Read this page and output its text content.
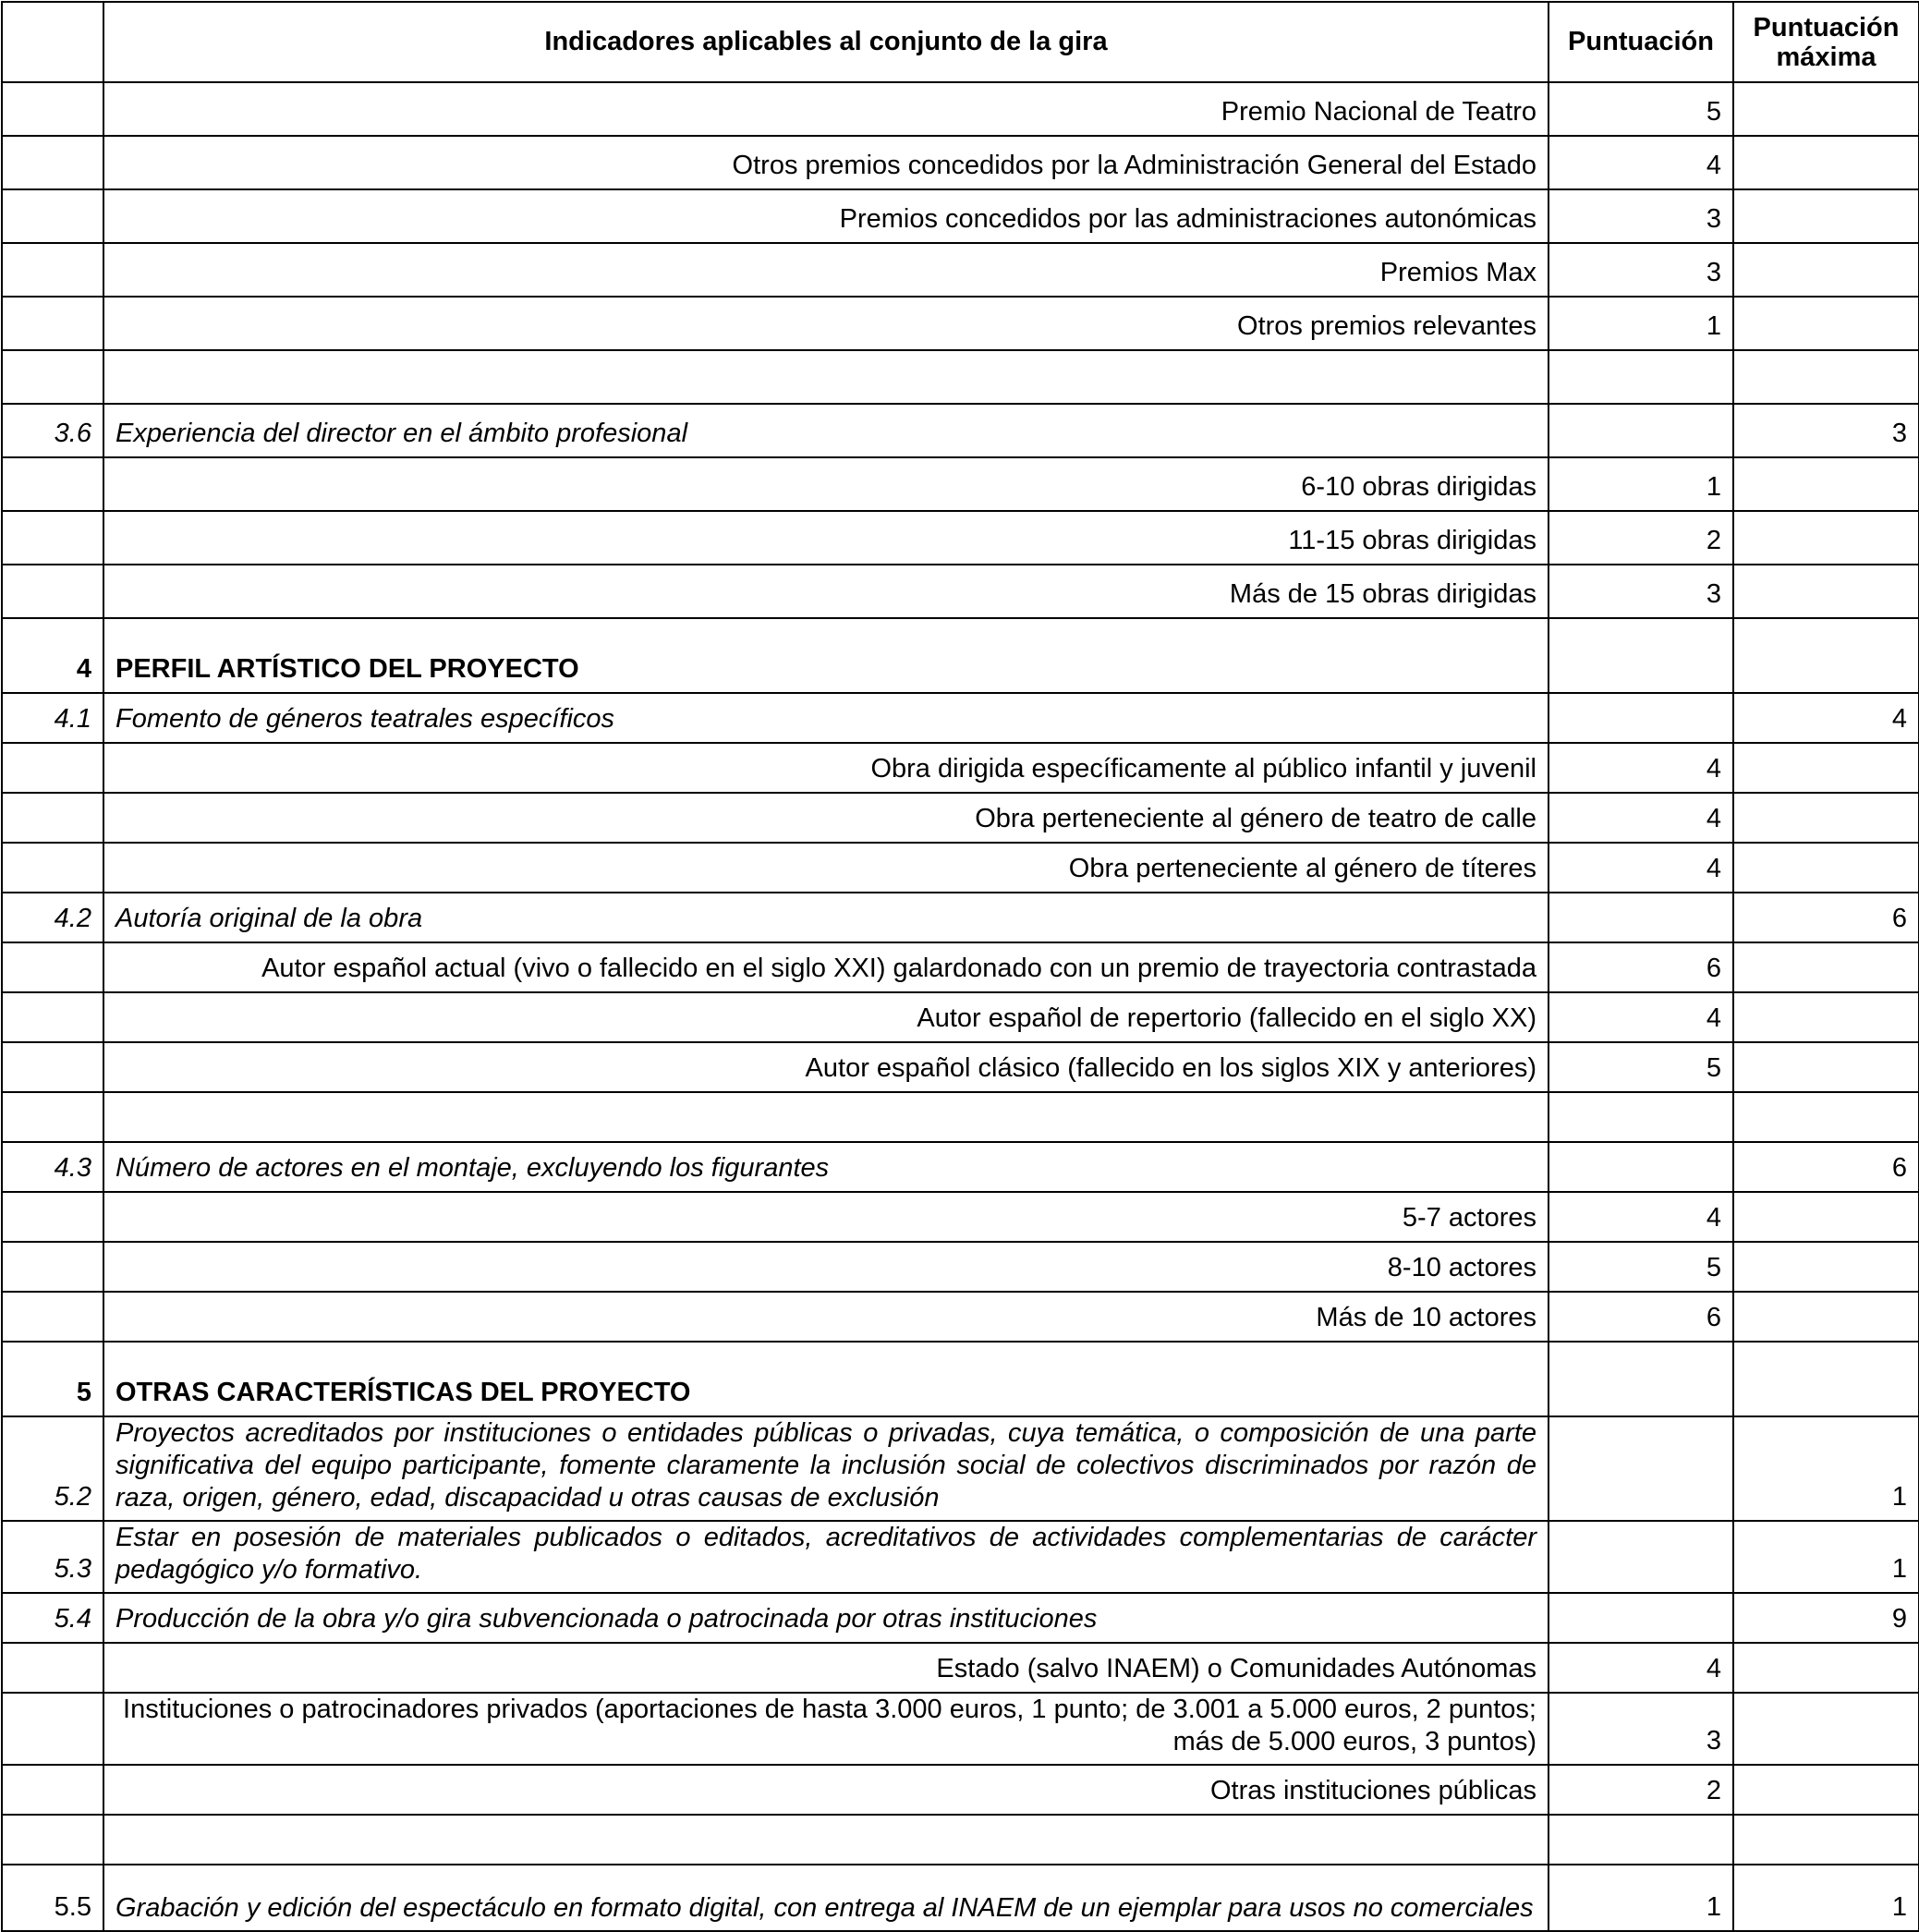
	Indicadores aplicables al conjunto de la gira	Puntuación	Puntuación
máxima
	Premio Nacional de Teatro	5	
	Otros premios concedidos por la Administración General del Estado	4	
	Premios concedidos por las administraciones autonómicas	3	
	Premios Max	3	
	Otros premios relevantes	1	

3.6	Experiencia del director en el ámbito profesional		3
	6-10 obras dirigidas	1	
	11-15 obras dirigidas	2	
	Más de 15 obras dirigidas	3	
4	PERFIL ARTÍSTICO DEL PROYECTO		
4.1	Fomento de géneros teatrales específicos		4
	Obra dirigida específicamente al público infantil y juvenil	4	
	Obra perteneciente al género de teatro de calle	4	
	Obra perteneciente al género de títeres	4	
4.2	Autoría original de la obra		6
	Autor español actual (vivo o fallecido en el siglo XXI) galardonado con un premio de trayectoria contrastada	6	
	Autor español de repertorio (fallecido en el siglo XX)	4	
	Autor español clásico (fallecido en los siglos XIX y anteriores)	5	

4.3	Número de actores en el montaje, excluyendo los figurantes		6
	5-7 actores	4	
	8-10 actores	5	
	Más de 10 actores	6	
5	OTRAS CARACTERÍSTICAS DEL PROYECTO		
5.2	Proyectos acreditados por instituciones o entidades públicas o privadas, cuya temática, o composición de una parte significativa del equipo participante, fomente claramente la inclusión social de colectivos discriminados por razón de raza, origen, género, edad, discapacidad u otras causas de exclusión		1
5.3	Estar en posesión de materiales publicados o editados, acreditativos de actividades complementarias de carácter pedagógico y/o formativo.		1
5.4	Producción de la obra y/o gira subvencionada o patrocinada por otras instituciones		9
	Estado (salvo INAEM) o Comunidades Autónomas	4	
	Instituciones o patrocinadores privados (aportaciones de hasta 3.000 euros, 1 punto; de 3.001 a 5.000 euros, 2 puntos; más de 5.000 euros, 3 puntos)	3	
	Otras instituciones públicas	2	

5.5	Grabación y edición del espectáculo en formato digital, con entrega al INAEM de un ejemplar para usos no comerciales	1	1
